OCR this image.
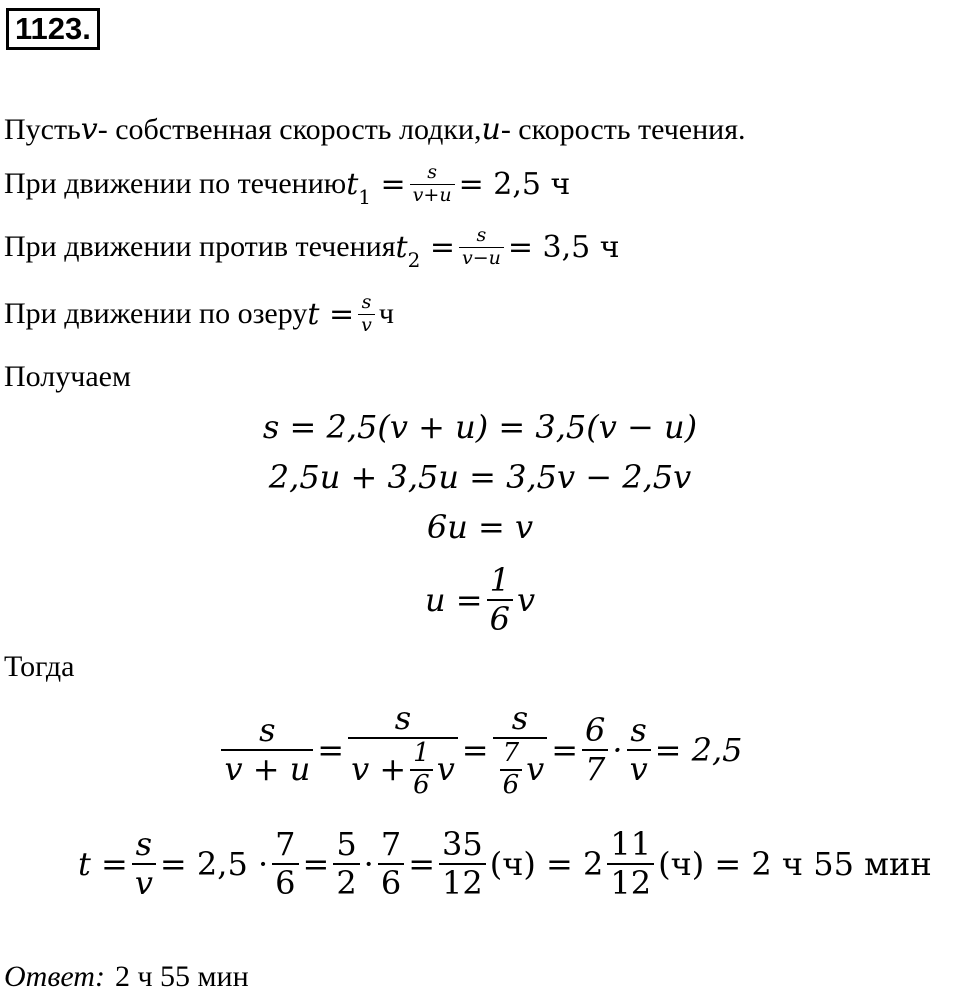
1123.
Пусть v - собственная скорость лодки, u - скорость течения.
При движении по течению $t_1 = \frac{s}{v+u} = 2,5$ ч
При движении против течения $t_2 = \frac{s}{v-u} = 3,5$ ч
При движении по озеру $t = \frac{s}{v}$ ч
Получаем
s = 2,5(v + u) = 3,5(v − u)
2,5u + 3,5u = 3,5v − 2,5v
6u = v
$u = \frac{1}{6}$ v
Тогда
$\frac{s}{v + u} = \frac{s}{v + \frac{1}{6} v} = \frac{s}{\frac{7}{6} v} = \frac{6}{7} \cdot \frac{s}{v} = 2,5$
$t = \frac{s}{v} = 2,5 \cdot \frac{7}{6} = \frac{5}{2} \cdot \frac{7}{6} = \frac{35}{12} (ч) = 2 \frac{11}{12} (ч) = 2$ ч 55 мин
Ответ: 2 ч 55 мин
